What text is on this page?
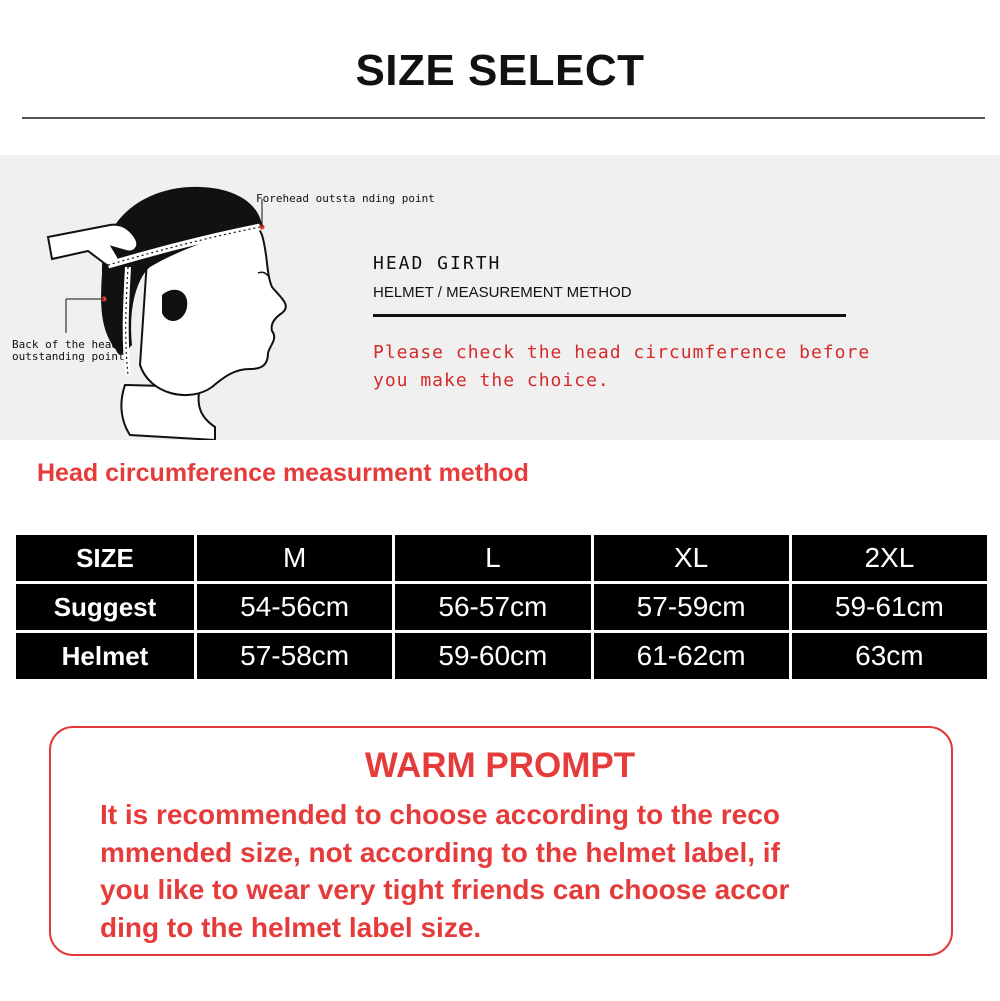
SIZE SELECT
Forehead outsta nding point
Back of the head
outstanding point
HEAD GIRTH
HELMET / MEASUREMENT METHOD
Please check the head circumference before
you make the choice.
Head circumference measurment method
SIZE	M	L	XL	2XL
Suggest	54-56cm	56-57cm	57-59cm	59-61cm
Helmet	57-58cm	59-60cm	61-62cm	63cm
WARM PROMPT
It is recommended to choose according to the reco
mmended size, not according to the helmet label, if
you like to wear very tight friends can choose accor
ding to the helmet label size.
